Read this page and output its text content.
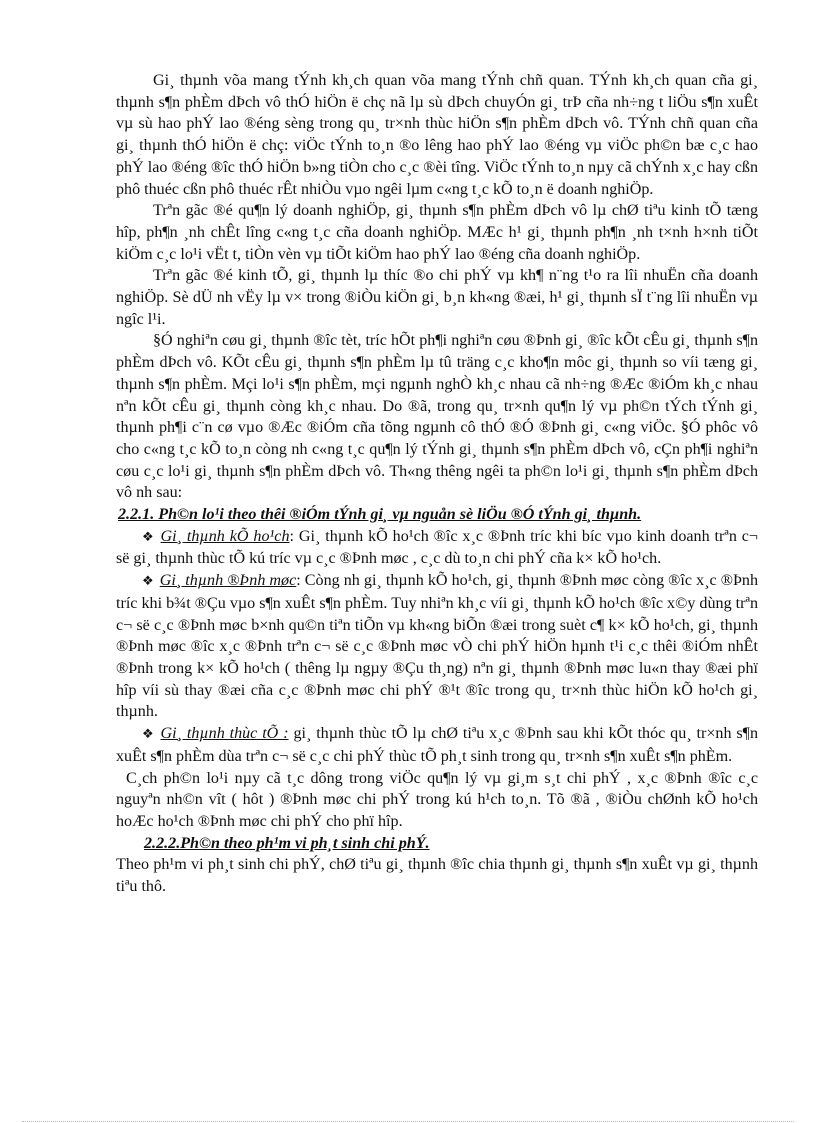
Gi¸ thµnh võa mang tÝnh kh¸ch quan võa mang tÝnh chñ quan. TÝnh kh¸ch quan cña gi¸ thµnh s¶n phÈm dÞch vô thÓ hiÖn ë chç nã lµ sù dÞch chuyÓn gi¸ trÞ cña nh÷ng t liÖu s¶n xuÊt vµ sù hao phÝ lao ®éng sèng trong qu¸ tr×nh thùc hiÖn s¶n phÈm dÞch vô. TÝnh chñ quan cña gi¸ thµnh thÓ hiÖn ë chç: viÖc tÝnh to¸n ®o lêng hao phÝ lao ®éng vµ viÖc ph©n bæ c¸c hao phÝ lao ®éng ®îc thÓ hiÖn b»ng tiÒn cho c¸c ®èi tîng. ViÖc tÝnh to¸n nµy cã chÝnh x¸c hay cßn phô thuéc cßn phô thuéc rÊt nhiÒu vµo ngêi lµm c«ng t¸c kÕ to¸n ë doanh nghiÖp.

Trªn gãc ®é qu¶n lý doanh nghiÖp, gi¸ thµnh s¶n phÈm dÞch vô lµ chØ tiªu kinh tÕ tæng hîp, ph¶n ¸nh chÊt lîng c«ng t¸c cña doanh nghiÖp. MÆc h¹ gi¸ thµnh ph¶n ¸nh t×nh h×nh tiÕt kiÖm c¸c lo¹i vËt t, tiÒn vèn vµ tiÕt kiÖm hao phÝ lao ®éng cña doanh nghiÖp.

Trªn gãc ®é kinh tÕ, gi¸ thµnh lµ thíc ®o chi phÝ vµ kh¶ n¨ng t¹o ra lîi nhuËn cña doanh nghiÖp. Sè dÜ nh vËy lµ v× trong ®iÒu kiÖn gi¸ b¸n kh«ng ®æi, h¹ gi¸ thµnh sÏ t¨ng lîi nhuËn vµ ngîc l¹i.

§Ó nghiªn cøu gi¸ thµnh ®îc tèt, tríc hÕt ph¶i nghiªn cøu ®Þnh gi¸ ®îc kÕt cÊu gi¸ thµnh s¶n phÈm dÞch vô. KÕt cÊu gi¸ thµnh s¶n phÈm lµ tû träng c¸c kho¶n môc gi¸ thµnh so víi tæng gi¸ thµnh s¶n phÈm. Mçi lo¹i s¶n phÈm, mçi ngµnh nghÒ kh¸c nhau cã nh÷ng ®Æc ®iÓm kh¸c nhau nªn kÕt cÊu gi¸ thµnh còng kh¸c nhau. Do ®ã, trong qu¸ tr×nh qu¶n lý vµ ph©n tÝch tÝnh gi¸ thµnh ph¶i c¨n cø vµo ®Æc ®iÓm cña tõng ngµnh cô thÓ ®Ó ®Þnh gi¸ c«ng viÖc. §Ó phôc vô cho c«ng t¸c kÕ to¸n còng nh c«ng t¸c qu¶n lý tÝnh gi¸ thµnh s¶n phÈm dÞch vô, cÇn ph¶i nghiªn cøu c¸c lo¹i gi¸ thµnh s¶n phÈm dÞch vô. Th«ng thêng ngêi ta ph©n lo¹i gi¸ thµnh s¶n phÈm dÞch vô nh sau:

2.2.1. Ph©n lo¹i theo thêi ®iÓm tÝnh gi¸ vµ nguån sè liÖu ®Ó tÝnh gi¸ thµnh.

❖ Gi¸ thµnh kÕ ho¹ch: Gi¸ thµnh kÕ ho¹ch ®îc x¸c ®Þnh tríc khi bíc vµo kinh doanh trªn c¬ së gi¸ thµnh thùc tÕ kú tríc vµ c¸c ®Þnh møc , c¸c dù to¸n chi phÝ cña k× kÕ ho¹ch.

❖ Gi¸ thµnh ®Þnh møc: Còng nh gi¸ thµnh kÕ ho¹ch, gi¸ thµnh ®Þnh møc còng ®îc x¸c ®Þnh tríc khi b¾t ®Çu vµo s¶n xuÊt s¶n phÈm. Tuy nhiªn kh¸c víi gi¸ thµnh kÕ ho¹ch ®îc x©y dùng trªn c¬ së c¸c ®Þnh møc b×nh qu©n tiªn tiÕn vµ kh«ng biÕn ®æi trong suèt c¶ k× kÕ ho¹ch, gi¸ thµnh ®Þnh møc ®îc x¸c ®Þnh trªn c¬ së c¸c ®Þnh møc vÒ chi phÝ hiÖn hµnh t¹i c¸c thêi ®iÓm nhÊt ®Þnh trong k× kÕ ho¹ch ( thêng lµ ngµy ®Çu th¸ng) nªn gi¸ thµnh ®Þnh møc lu«n thay ®æi phï hîp víi sù thay ®æi cña c¸c ®Þnh møc chi phÝ ®¹t ®îc trong qu¸ tr×nh thùc hiÖn kÕ ho¹ch gi¸ thµnh.

❖ Gi¸ thµnh thùc tÕ : gi¸ thµnh thùc tÕ lµ chØ tiªu x¸c ®Þnh sau khi kÕt thóc qu¸ tr×nh s¶n xuÊt s¶n phÈm dùa trªn c¬ së c¸c chi phÝ thùc tÕ ph¸t sinh trong qu¸ tr×nh s¶n xuÊt s¶n phÈm.

C¸ch ph©n lo¹i nµy cã t¸c dông trong viÖc qu¶n lý vµ gi¸m s¸t chi phÝ , x¸c ®Þnh ®îc c¸c nguyªn nh©n vît ( hôt ) ®Þnh møc chi phÝ trong kú h¹ch to¸n. Tõ ®ã , ®iÒu chØnh kÕ ho¹ch hoÆc ho¹ch ®Þnh møc chi phÝ cho phï hîp.

2.2.2.Ph©n theo ph¹m vi ph¸t sinh chi phÝ.

Theo ph¹m vi ph¸t sinh chi phÝ, chØ tiªu gi¸ thµnh ®îc chia thµnh gi¸ thµnh s¶n xuÊt vµ gi¸ thµnh tiªu thô.
